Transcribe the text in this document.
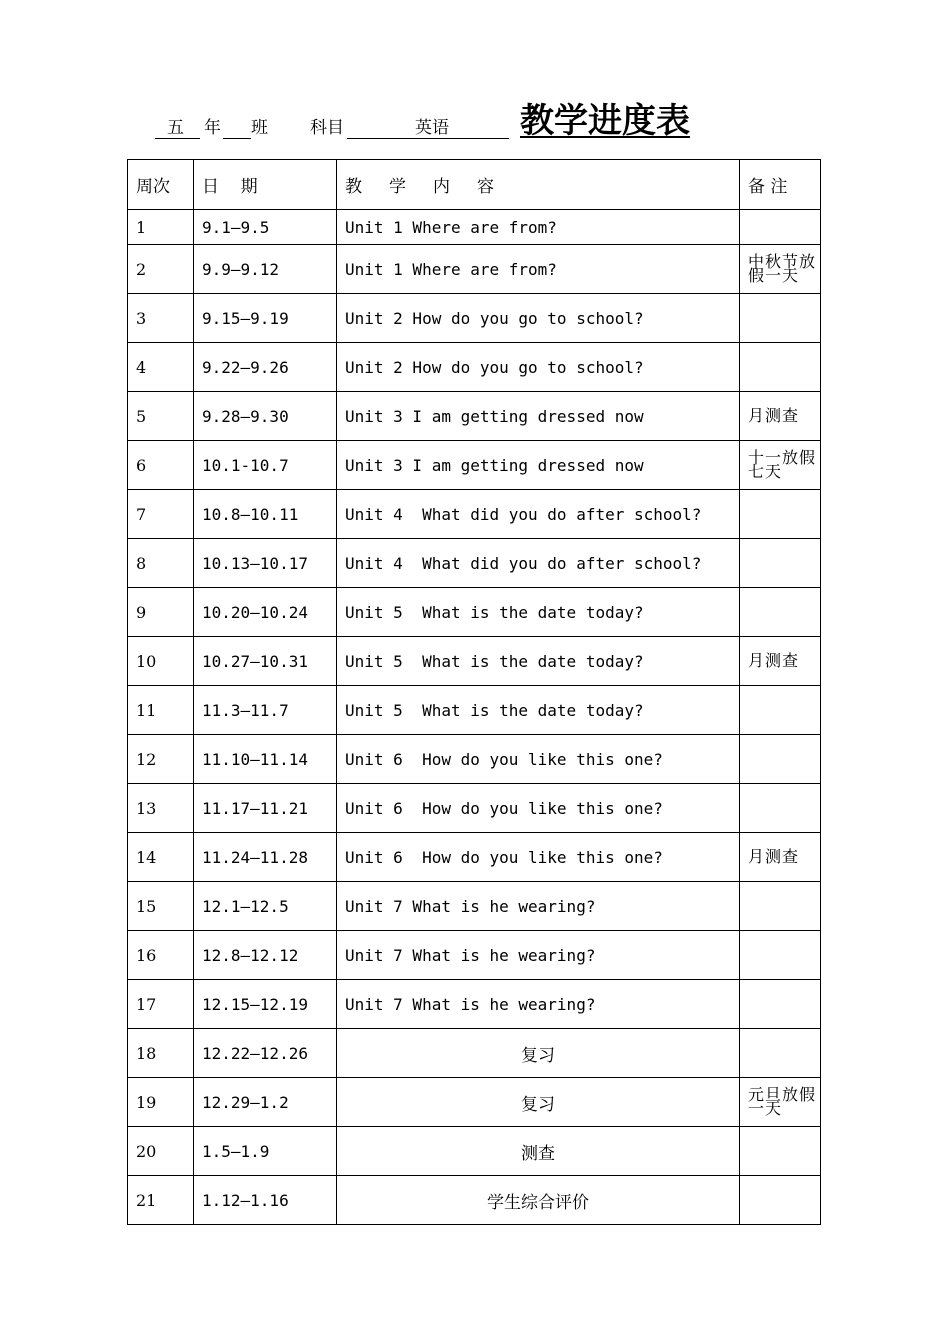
五 年 班 科目	英语 教学进度表
周次	日    期	教     学     内     容	备 注
1	9.1—9.5	Unit 1 Where are from?	
2	9.9—9.12	Unit 1 Where are from?	中秋节放假一天
3	9.15—9.19	Unit 2 How do you go to school?	
4	9.22—9.26	Unit 2 How do you go to school?	
5	9.28—9.30	Unit 3 I am getting dressed now	月测查
6	10.1-10.7	Unit 3 I am getting dressed now	十一放假七天
7	10.8—10.11	Unit 4  What did you do after school?	
8	10.13—10.17	Unit 4  What did you do after school?	
9	10.20—10.24	Unit 5  What is the date today?	
10	10.27—10.31	Unit 5  What is the date today?	月测查
11	11.3—11.7	Unit 5  What is the date today?	
12	11.10—11.14	Unit 6  How do you like this one?	
13	11.17—11.21	Unit 6  How do you like this one?	
14	11.24—11.28	Unit 6  How do you like this one?	月测查
15	12.1—12.5	Unit 7 What is he wearing?	
16	12.8—12.12	Unit 7 What is he wearing?	
17	12.15—12.19	Unit 7 What is he wearing?	
18	12.22—12.26	复习	
19	12.29—1.2	复习	元旦放假一天
20	1.5—1.9	测查	
21	1.12—1.16	学生综合评价	
